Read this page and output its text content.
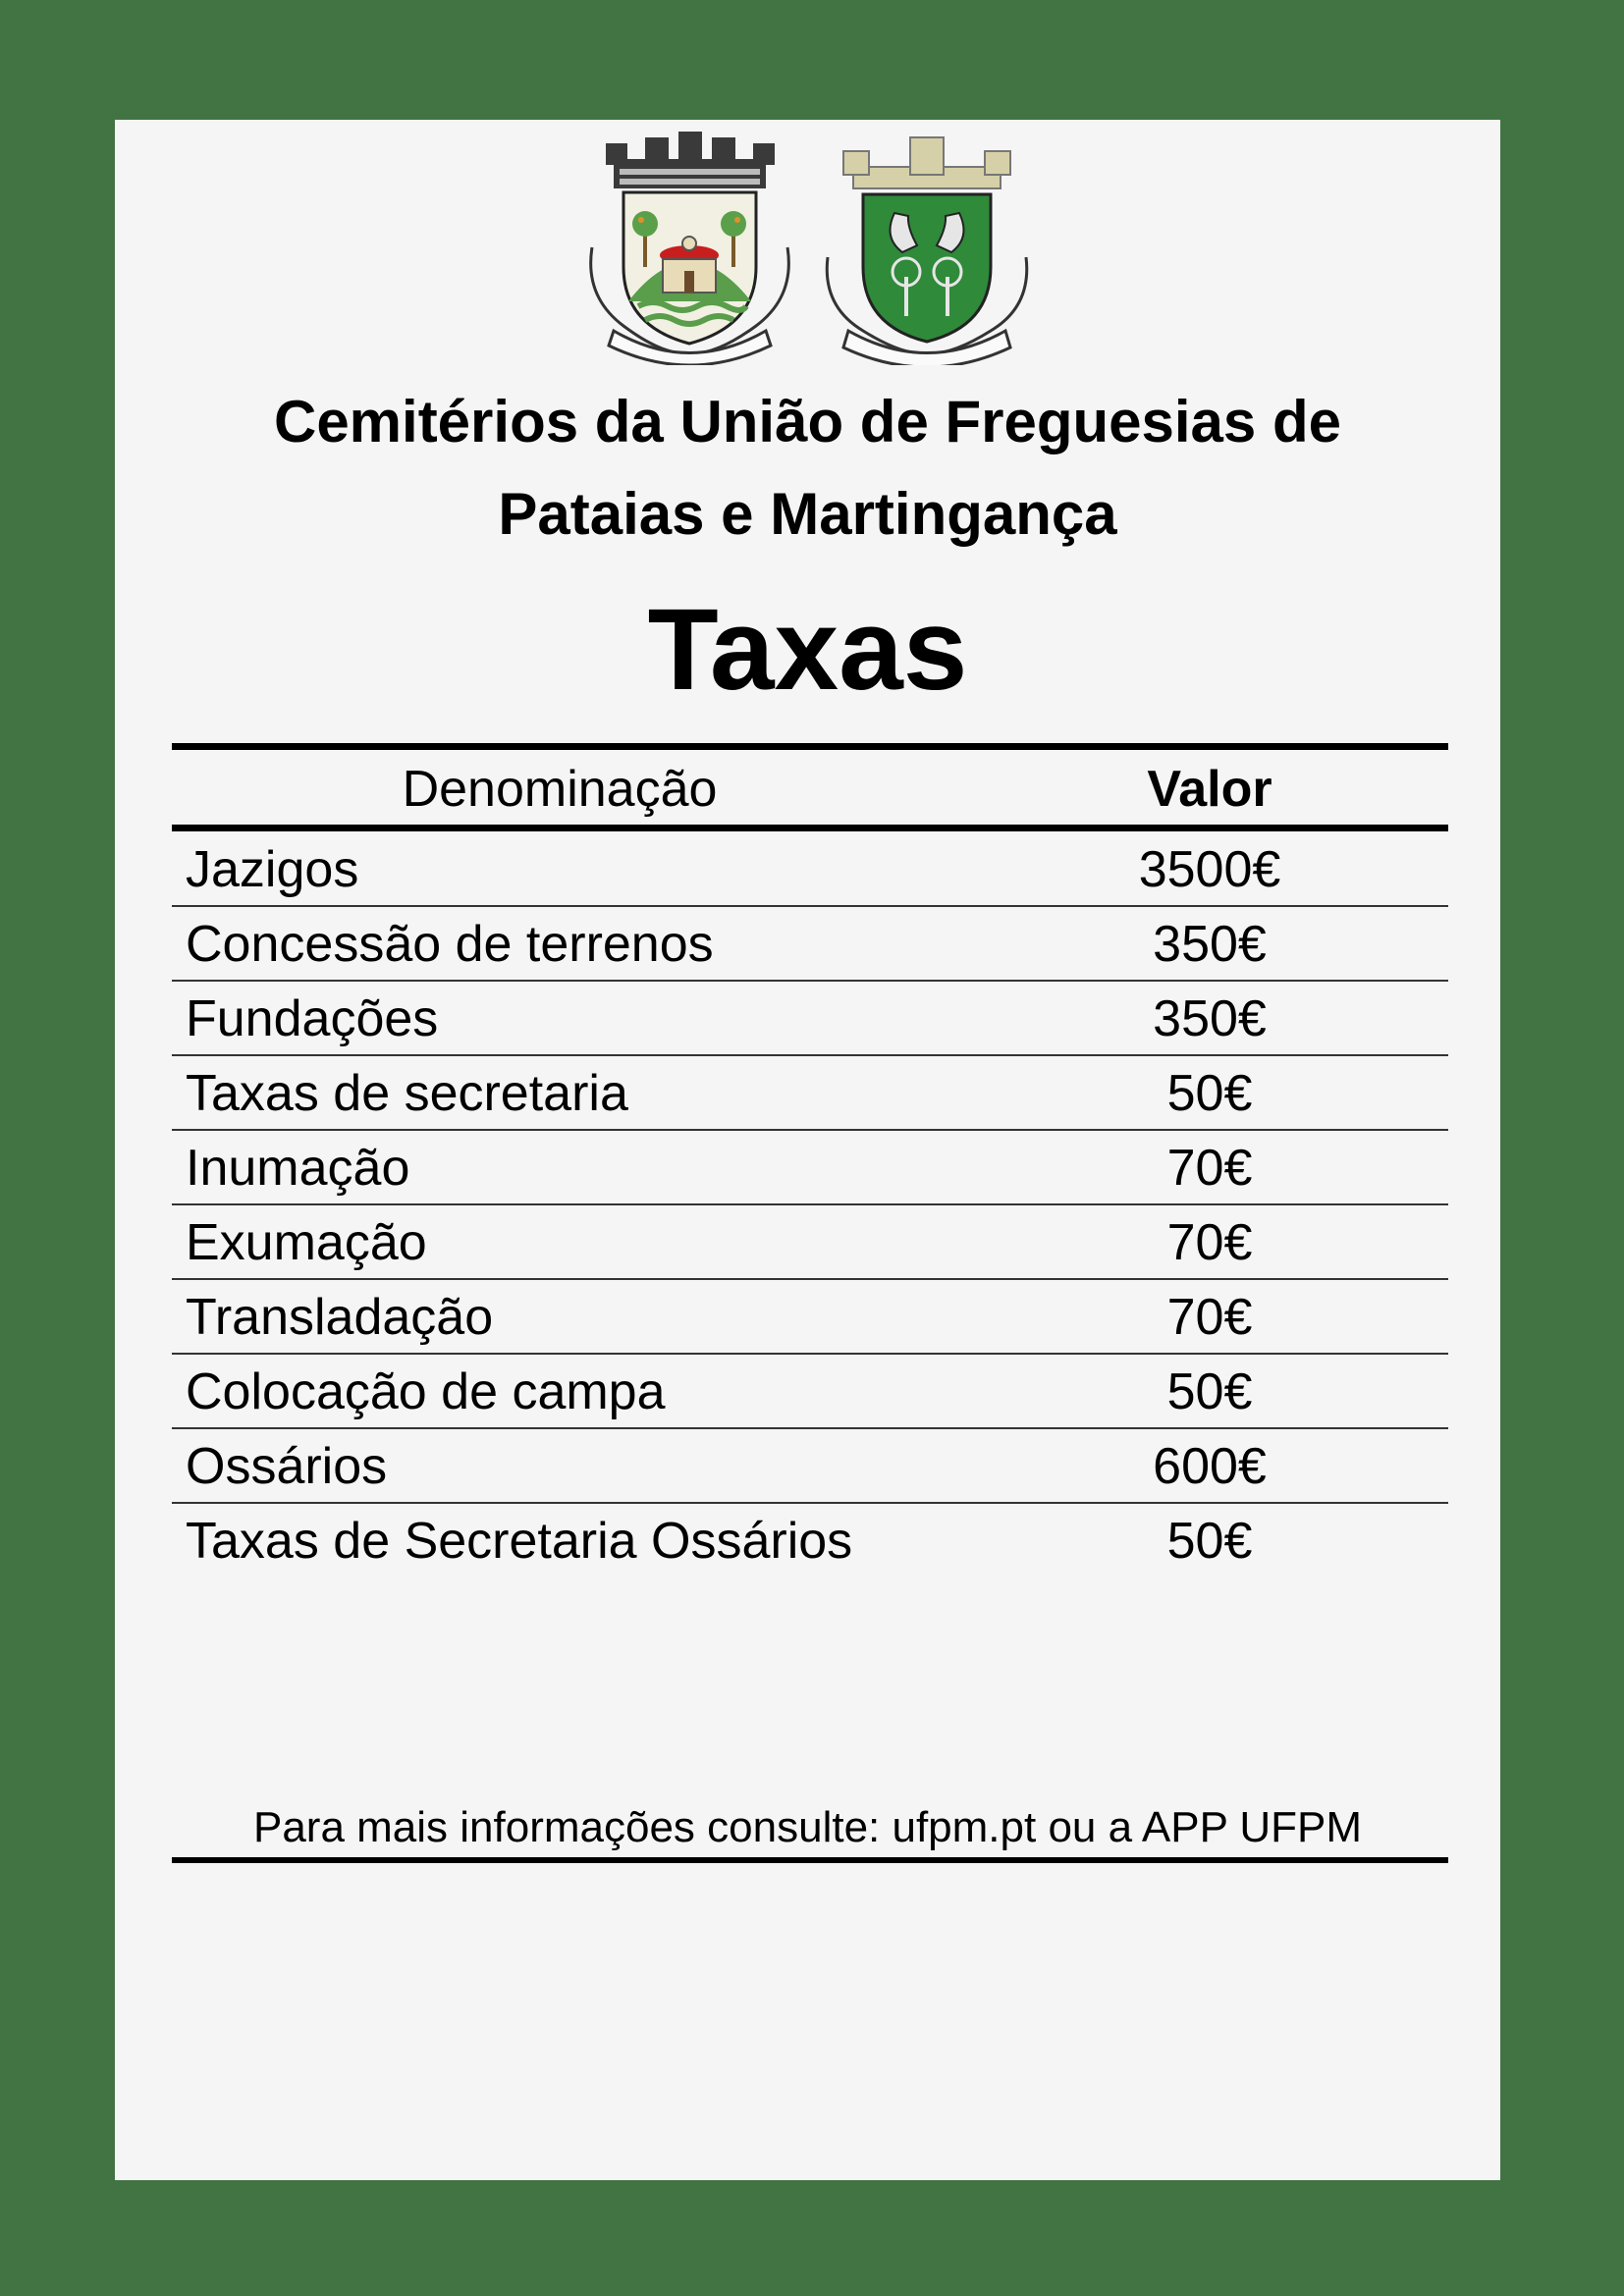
Cemitérios da União de Freguesias de
Pataias e Martingança
Taxas
Denominação	Valor
Jazigos	3500€
Concessão de terrenos	350€
Fundações	350€
Taxas de secretaria	50€
Inumação	70€
Exumação	70€
Transladação	70€
Colocação de campa	50€
Ossários	600€
Taxas de Secretaria Ossários	50€
Para mais informações consulte: ufpm.pt ou a APP UFPM
